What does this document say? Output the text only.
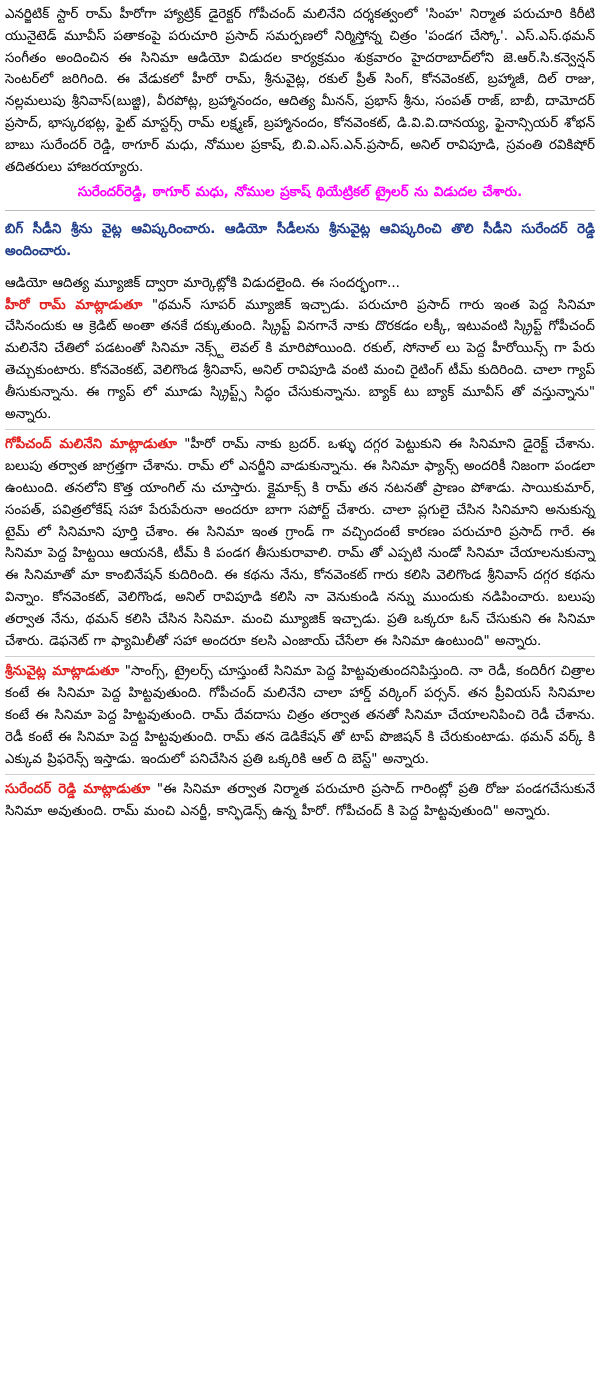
ఎనర్జిటిక్ స్టార్ రామ్ హీరోగా హ్యాట్రిక్ డైరెక్టర్ గోపీచంద్ మలినేని దర్శకత్వంలో 'సింహ' నిర్మాత పరుచూరి కిరీటి యునైటెడ్ మూవీస్ పతాకంపై పరుచూరి ప్రసాద్ సమర్పణలో నిర్మిస్తోన్న చిత్రం 'పండగ చేస్కో'. ఎస్.ఎస్.థమన్ సంగీతం అందించిన ఈ సినిమా ఆడియో విడుదల కార్యక్రమం శుక్రవారం హైదరాబాద్‌లోని జె.ఆర్.సి.కన్వెన్షన్ సెంటర్‌లో జరిగింది. ఈ వేడుకలో హీరో రామ్, శ్రీనువైట్ల, రకుల్ ప్రీత్ సింగ్, కోనవెంకట్, బ్రహ్మాజీ, దిల్ రాజు, నల్లమలుపు శ్రీనివాస్(బుజ్జి), వీరపోట్ల, బ్రహ్మానందం, ఆదిత్య మీనన్, ప్రభాస్ శ్రీను, సంపత్ రాజ్, బాబీ, దామోదర్ ప్రసాద్, భాస్కరభట్ల, ఫైట్ మాస్టర్స్ రామ్ లక్ష్మణ్, బ్రహ్మానందం, కోనవెంకట్, డి.వి.వి.దానయ్య, ఫైనాన్సియర్ శోభన్ బాబు సురేందర్ రెడ్డి, ఠాగూర్ మధు, నోముల ప్రకాష్, బి.వి.ఎస్.ఎన్.ప్రసాద్, అనిల్ రావిపూడి, స్రవంతి రవికిషోర్ తదితరులు హాజరయ్యారు.

సురేందర్‌రెడ్డి, ఠాగూర్ మధు, నోముల ప్రకాష్ థియేట్రికల్ ట్రైలర్ ను విడుదల చేశారు.

బిగ్ సీడీని శ్రీను వైట్ల ఆవిష్కరించారు. ఆడియో సీడీలను శ్రీనువైట్ల ఆవిష్కరించి తొలి సీడీని సురేందర్ రెడ్డి అందించారు.

ఆడియో ఆదిత్య మ్యూజిక్ ద్వారా మార్కెట్లోకి విడుదలైంది. ఈ సందర్భంగా...

హీరో రామ్ మాట్లాడుతూ "థమన్ సూపర్ మ్యూజిక్ ఇచ్చాడు. పరుచూరి ప్రసాద్ గారు ఇంత పెద్ద సినిమా చేసినందుకు ఆ క్రెడిట్ అంతా తనకే దక్కుతుంది. స్క్రిప్ట్ వినగానే నాకు దొరకడం లక్కీ, ఇటువంటి స్క్రిప్ట్ గోపీచంద్ మలినేని చేతిలో పడటంతో సినిమా నెక్స్ట్ లెవల్ కి మారిపోయింది. రకుల్, సోనాల్ లు పెద్ద హీరోయిన్స్ గా పేరు తెచ్చుకుంటారు. కోనవెంకట్, వెలిగొండ శ్రీనివాస్, అనిల్ రావిపూడి వంటి మంచి రైటింగ్ టీమ్ కుదిరింది. చాలా గ్యాప్ తీసుకున్నాను. ఈ గ్యాప్ లో మూడు స్క్రిప్ట్స్ సిద్ధం చేసుకున్నాను. బ్యాక్ టు బ్యాక్ మూవీస్ తో వస్తున్నాను" అన్నారు.

గోపీచంద్ మలినేని మాట్లాడుతూ "హీరో రామ్ నాకు బ్రదర్. ఒళ్ళు దగ్గర పెట్టుకుని ఈ సినిమాని డైరెక్ట్ చేశాను. బలుపు తర్వాత జాగ్రత్తగా చేశాను. రామ్ లో ఎనర్జీని వాడుకున్నాను. ఈ సినిమా ఫ్యాన్స్ అందరికీ నిజంగా పండలా ఉంటుంది. తనలోని కొత్త యాంగిల్ ను చూస్తారు. క్లైమాక్స్ కి రామ్ తన నటనతో ప్రాణం పోశాడు. సాయికుమార్, సంపత్, పవిత్రలోకేష్ సహా పేరుపేరునా అందరూ బాగా సపోర్ట్ చేశారు. చాలా ప్లగులై చేసిన సినిమాని అనుకున్న టైమ్ లో సినిమాని పూర్తి చేశాం. ఈ సినిమా ఇంత గ్రాండ్ గా వచ్చిందంటే కారణం పరుచూరి ప్రసాద్ గారే. ఈ సినిమా పెద్ద హిట్టయి ఆయనకి, టీమ్ కి పండగ తీసుకురావాలి. రామ్ తో ఎప్పటి నుండో సినిమా చేయాలనుకున్నా ఈ సినిమాతో మా కాంబినేషన్ కుదిరింది. ఈ కథను నేను, కోనవెంకట్ గారు కలిసి వెలిగొండ శ్రీనివాస్ దగ్గర కథను విన్నాం. కోనవెంకట్, వెలిగొండ, అనిల్ రావిపూడి కలిసి నా వెనుకుండి నన్ను ముందుకు నడిపించారు. బలుపు తర్వాత నేను, థమన్ కలిసి చేసిన సినిమా. మంచి మ్యూజిక్ ఇచ్చాడు. ప్రతి ఒక్కరూ ఓన్ చేసుకుని ఈ సినిమా చేశారు. డెఫనెట్ గా ఫ్యామిలీతో సహా అందరూ కలసి ఎంజాయ్ చేసేలా ఈ సినిమా ఉంటుంది" అన్నారు.

శ్రీనువైట్ల మాట్లాడుతూ "సాంగ్స్, ట్రైలర్స్ చూస్తుంటే సినిమా పెద్ద హిట్టవుతుందనిపిస్తుంది. నా రెడీ, కందిరీగ చిత్రాల కంటే ఈ సినిమా పెద్ద హిట్టవుతుంది. గోపీచంద్ మలినేని చాలా హార్డ్ వర్కింగ్ పర్సన్. తన ప్రీవియస్ సినిమాల కంటే ఈ సినిమా పెద్ద హిట్టవుతుంది. రామ్ దేవదాసు చిత్రం తర్వాత తనతో సినిమా చేయాలనిపించి రెడీ చేశాను. రెడీ కంటే ఈ సినిమా పెద్ద హిట్టవుతుంది. రామ్ తన డెడికేషన్ తో టాప్ పొజిషన్ కి చేరుకుంటాడు. థమన్ వర్క్ కి ఎక్కువ ప్రిఫరెన్స్ ఇస్తాడు. ఇందులో పనిచేసిన ప్రతి ఒక్కరికి ఆల్ ది బెస్ట్" అన్నారు.

సురేందర్ రెడ్డి మాట్లాడుతూ "ఈ సినిమా తర్వాత నిర్మాత పరుచూరి ప్రసాద్ గారింట్లో ప్రతి రోజు పండగచేసుకునే సినిమా అవుతుంది. రామ్ మంచి ఎనర్జీ, కాన్ఫిడెన్స్ ఉన్న హీరో. గోపీచంద్ కి పెద్ద హిట్టవుతుంది" అన్నారు.
